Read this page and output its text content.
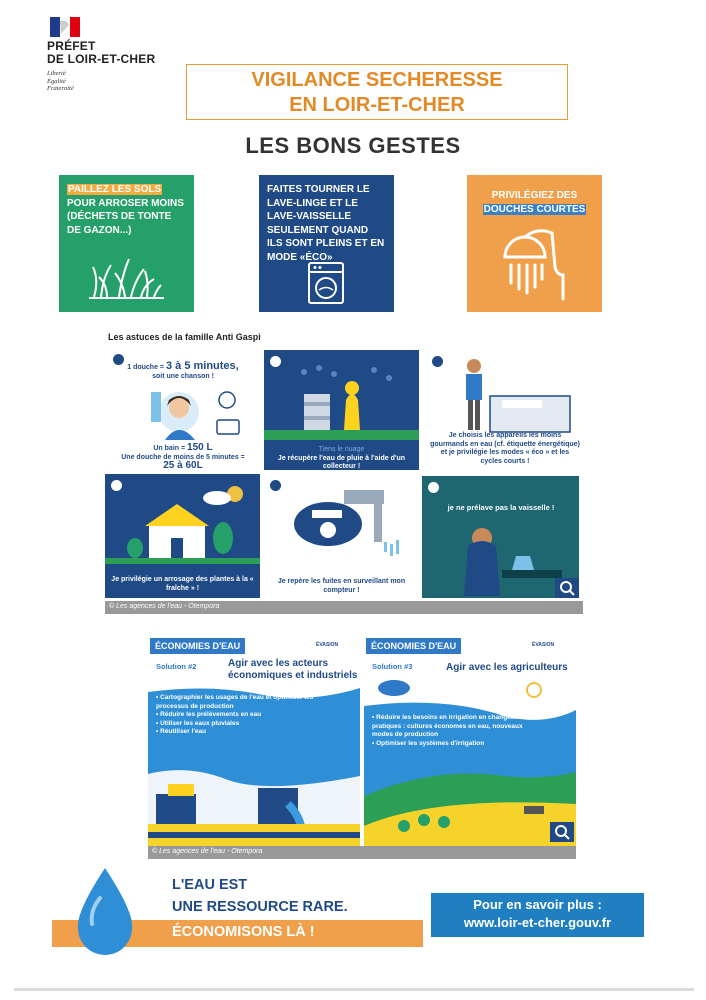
PRÉFET
DE LOIR-ET-CHER
Liberté
Égalité
Fraternité	VIGILANCE SECHERESSE
EN LOIR-ET-CHER
LES BONS GESTES
PAILLEZ LES SOLS POUR ARROSER MOINS (DÉCHETS DE TONTE DE GAZON...)
FAITES TOURNER LE LAVE-LINGE ET LE LAVE-VAISSELLE SEULEMENT QUAND ILS SONT PLEINS ET EN MODE «ÉCO»
PRIVILÉGIEZ DES
DOUCHES COURTES
Les astuces de la famille Anti Gaspi
1 douche = 3 à 5 minutes,
soit une chanson !
Un bain = 150 L
Une douche de moins de 5 minutes =
25 à 60L
Tiens le nuage
Je récupère l'eau de pluie à l'aide d'un collecteur !
Je choisis les appareils les moins gourmands en eau (cf. étiquette énergétique) et je privilégie les modes « éco » et les cycles courts !
Je privilégie un arrosage des plantes à la « fraîche » !
Je repère les fuites en surveillant mon compteur !
je ne prélave pas la vaisselle !
© Les agences de l'eau - Otempora
ÉCONOMIES D'EAU	ÉVASION
Solution #2	Agir avec les acteurs économiques et industriels
• Cartographier les usages de l'eau et optimiser les processus de production
• Réduire les prélèvements en eau
• Utiliser les eaux pluviales
• Réutiliser l'eau
ÉCONOMIES D'EAU	ÉVASION
Solution #3	Agir avec les agriculteurs
• Réduire les besoins en irrigation en changeant les pratiques : cultures économes en eau, nouveaux modes de production
• Optimiser les systèmes d'irrigation
© Les agences de l'eau - Otempora
L'EAU EST
UNE RESSOURCE RARE.
ÉCONOMISONS LÀ !
Pour en savoir plus :
www.loir-et-cher.gouv.fr
